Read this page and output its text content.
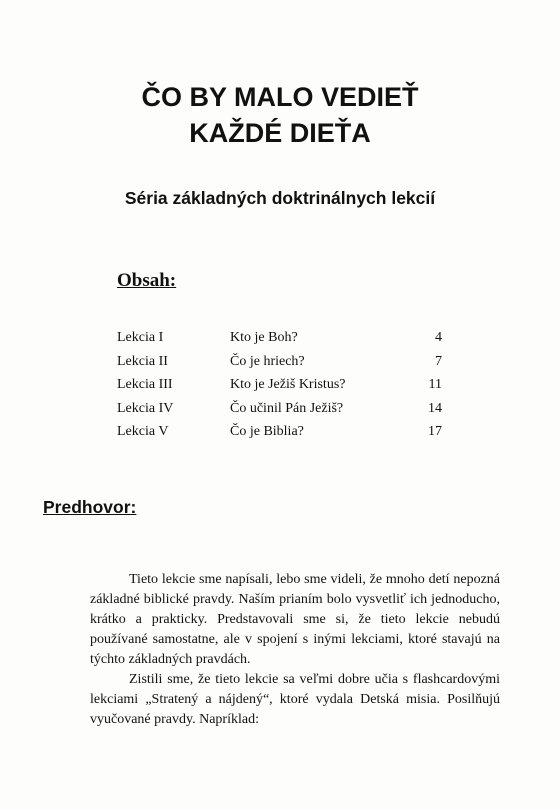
ČO BY MALO VEDIEŤ
KAŽDÉ DIEŤA
Séria základných doktrinálnych lekcií
Obsah:
Lekcia I	Kto je Boh?	4
Lekcia II	Čo je hriech?	7
Lekcia III	Kto je Ježiš Kristus?	11
Lekcia IV	Čo učinil Pán Ježiš?	14
Lekcia V	Čo je Biblia?	17
Predhovor:

Tieto lekcie sme napísali, lebo sme videli, že mnoho detí nepozná základné biblické pravdy. Naším prianím bolo vysvetliť ich jednoducho, krátko a prakticky. Predstavovali sme si, že tieto lekcie nebudú používané samostatne, ale v spojení s inými lekciami, ktoré stavajú na týchto základných pravdách.

Zistili sme, že tieto lekcie sa veľmi dobre učia s flashcardovými lekciami „Stratený a nájdený“, ktoré vydala Detská misia. Posilňujú vyučované pravdy. Napríklad:
